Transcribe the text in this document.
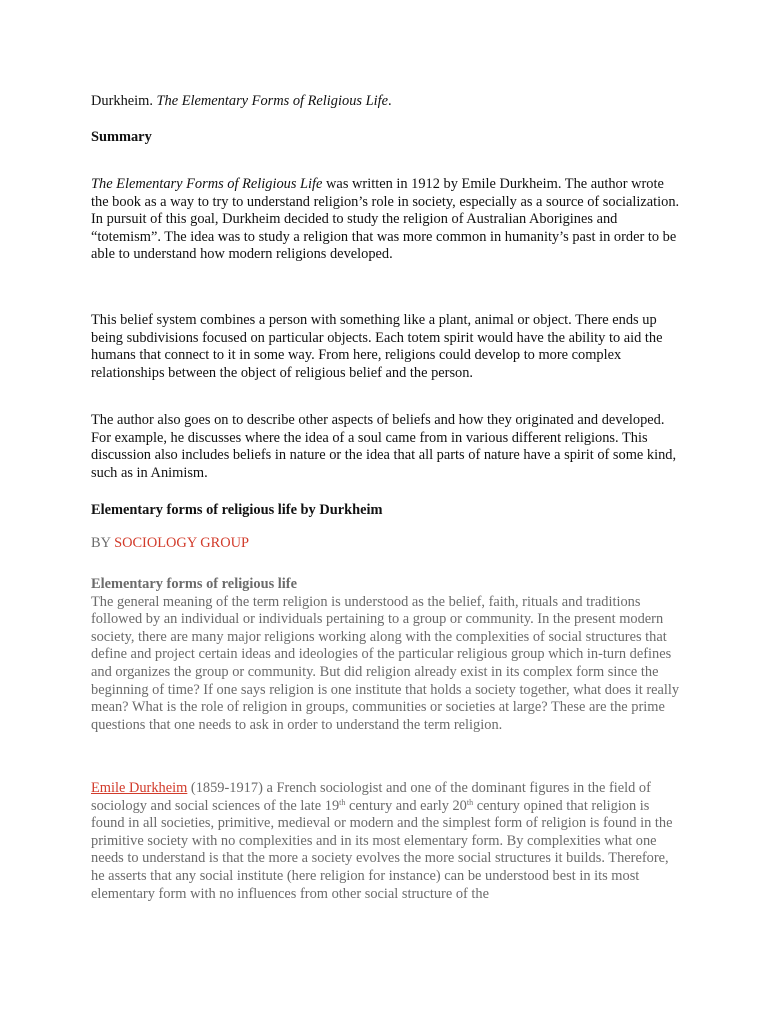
Durkheim. The Elementary Forms of Religious Life.

Summary

The Elementary Forms of Religious Life was written in 1912 by Emile Durkheim. The author wrote the book as a way to try to understand religion’s role in society, especially as a source of socialization. In pursuit of this goal, Durkheim decided to study the religion of Australian Aborigines and “totemism”. The idea was to study a religion that was more common in humanity’s past in order to be able to understand how modern religions developed.

This belief system combines a person with something like a plant, animal or object. There ends up being subdivisions focused on particular objects. Each totem spirit would have the ability to aid the humans that connect to it in some way. From here, religions could develop to more complex relationships between the object of religious belief and the person.

The author also goes on to describe other aspects of beliefs and how they originated and developed. For example, he discusses where the idea of a soul came from in various different religions. This discussion also includes beliefs in nature or the idea that all parts of nature have a spirit of some kind, such as in Animism.

Elementary forms of religious life by Durkheim

BY SOCIOLOGY GROUP

Elementary forms of religious life
The general meaning of the term religion is understood as the belief, faith, rituals and traditions followed by an individual or individuals pertaining to a group or community. In the present modern society, there are many major religions working along with the complexities of social structures that define and project certain ideas and ideologies of the particular religious group which in-turn defines and organizes the group or community. But did religion already exist in its complex form since the beginning of time? If one says religion is one institute that holds a society together, what does it really mean? What is the role of religion in groups, communities or societies at large? These are the prime questions that one needs to ask in order to understand the term religion.

Emile Durkheim (1859-1917) a French sociologist and one of the dominant figures in the field of sociology and social sciences of the late 19th century and early 20th century opined that religion is found in all societies, primitive, medieval or modern and the simplest form of religion is found in the primitive society with no complexities and in its most elementary form. By complexities what one needs to understand is that the more a society evolves the more social structures it builds. Therefore, he asserts that any social institute (here religion for instance) can be understood best in its most elementary form with no influences from other social structure of the
